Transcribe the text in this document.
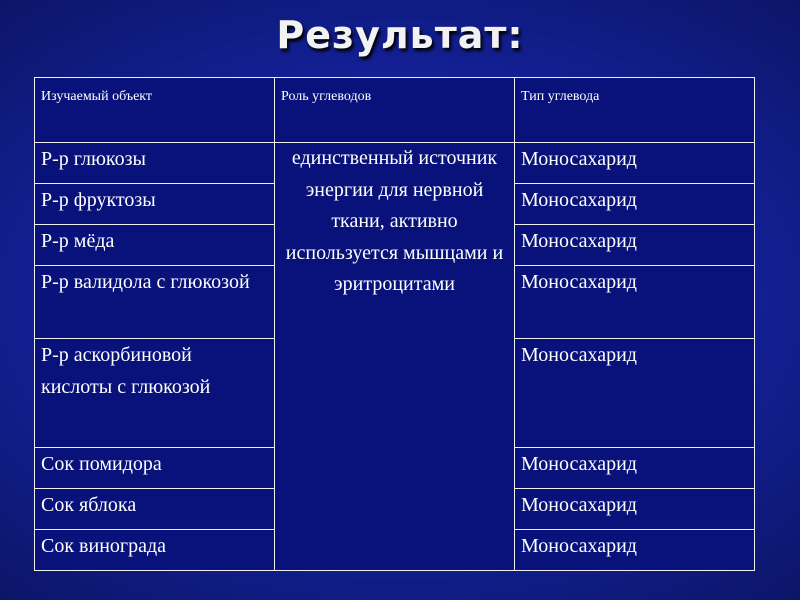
Результат:
Изучаемый объект	Роль углеводов	Тип углевода
Р-р глюкозы	единственный источник энергии для нервной ткани, активно используется мышцами и эритроцитами	Моносахарид
Р-р фруктозы		Моносахарид
Р-р мёда		Моносахарид
Р-р валидола с глюкозой		Моносахарид
Р-р аскорбиновой кислоты с глюкозой		Моносахарид
Сок помидора		Моносахарид
Сок яблока		Моносахарид
Сок винограда		Моносахарид
